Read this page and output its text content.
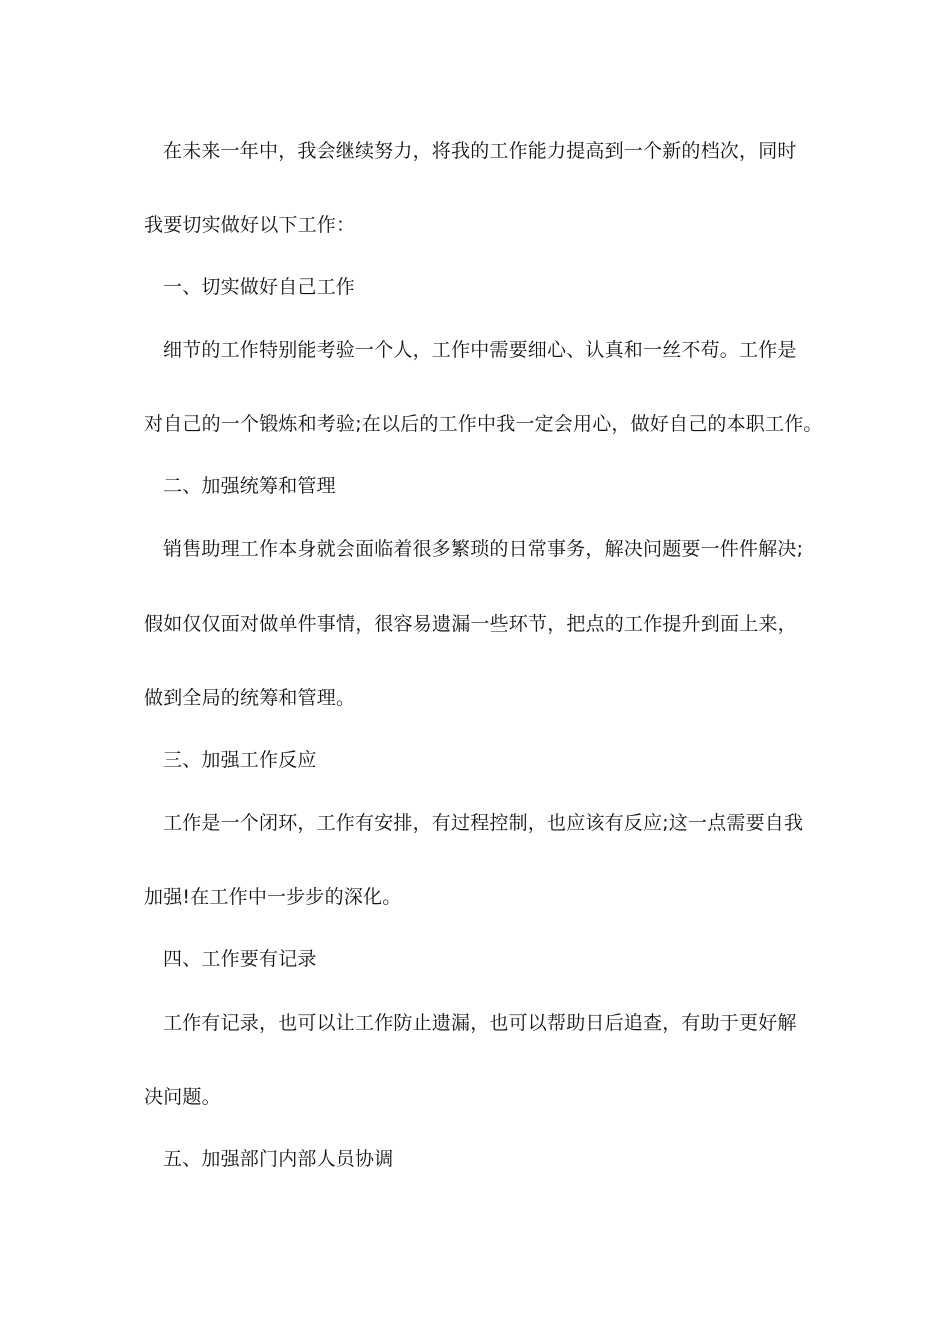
在未来一年中，我会继续努力，将我的工作能力提高到一个新的档次，同时
我要切实做好以下工作：
一、切实做好自己工作
细节的工作特别能考验一个人，工作中需要细心、认真和一丝不苟。工作是
对自己的一个锻炼和考验;在以后的工作中我一定会用心，做好自己的本职工作。
二、加强统筹和管理
销售助理工作本身就会面临着很多繁琐的日常事务，解决问题要一件件解决;
假如仅仅面对做单件事情，很容易遗漏一些环节，把点的工作提升到面上来，
做到全局的统筹和管理。
三、加强工作反应
工作是一个闭环，工作有安排，有过程控制，也应该有反应;这一点需要自我
加强!在工作中一步步的深化。
四、工作要有记录
工作有记录，也可以让工作防止遗漏，也可以帮助日后追查，有助于更好解
决问题。
五、加强部门内部人员协调
